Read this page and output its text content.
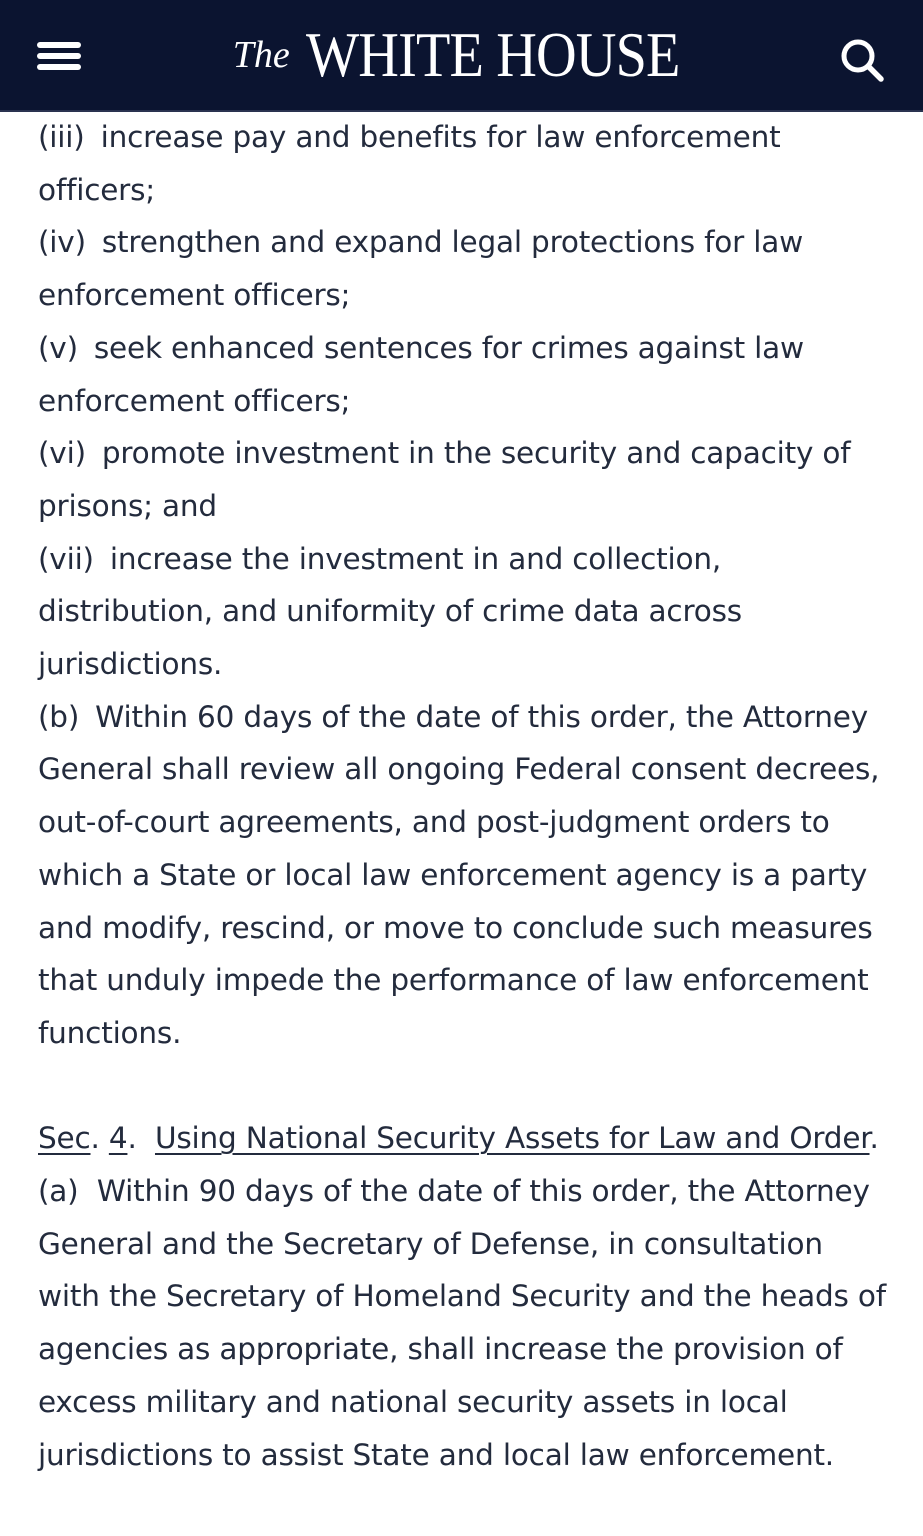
The WHITE HOUSE

(iii) increase pay and benefits for law enforcement officers;

(iv) strengthen and expand legal protections for law enforcement officers;

(v) seek enhanced sentences for crimes against law enforcement officers;

(vi) promote investment in the security and capacity of prisons; and

(vii) increase the investment in and collection, distribution, and uniformity of crime data across jurisdictions.

(b) Within 60 days of the date of this order, the Attorney General shall review all ongoing Federal consent decrees, out-of-court agreements, and post-judgment orders to which a State or local law enforcement agency is a party and modify, rescind, or move to conclude such measures that unduly impede the performance of law enforcement functions.

Sec. 4.  Using National Security Assets for Law and Order.  (a) Within 90 days of the date of this order, the Attorney General and the Secretary of Defense, in consultation with the Secretary of Homeland Security and the heads of agencies as appropriate, shall increase the provision of excess military and national security assets in local jurisdictions to assist State and local law enforcement.
